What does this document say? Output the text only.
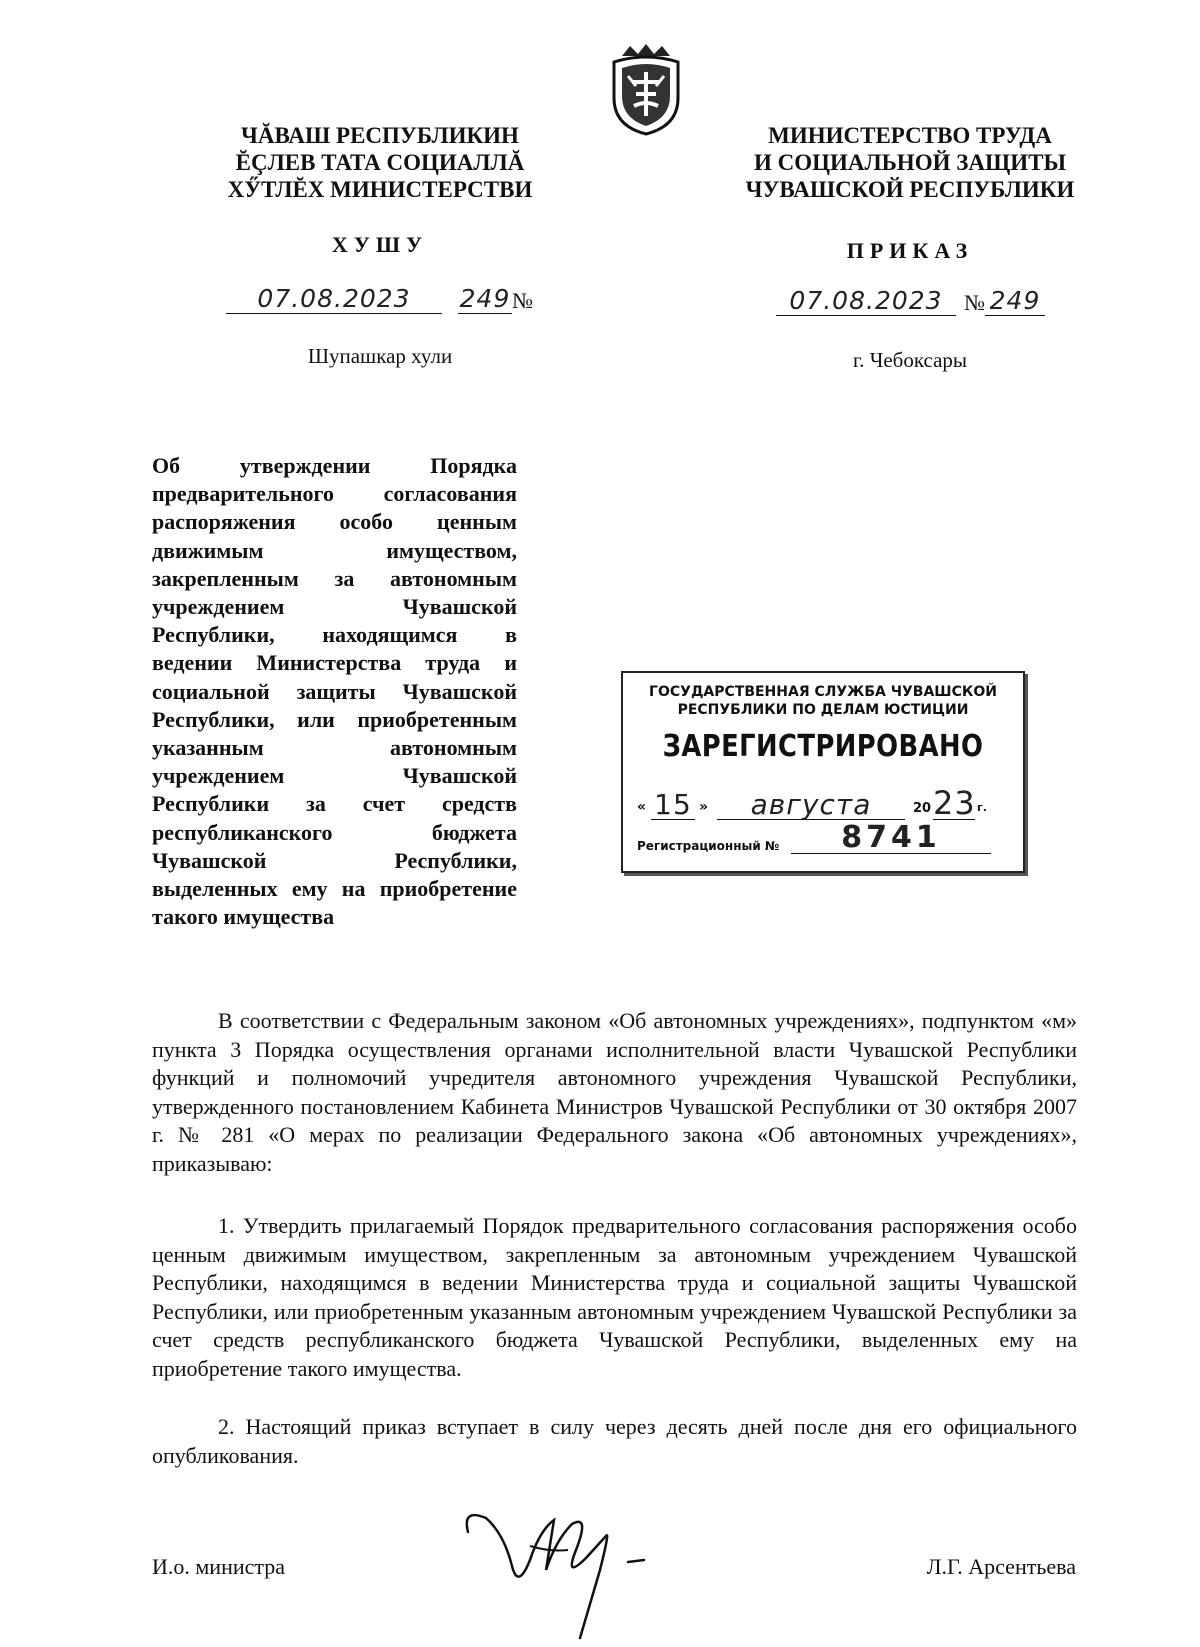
ЧĂВАШ РЕСПУБЛИКИН
ĔÇЛЕВ ТАТА СОЦИАЛЛĂ
ХӲТЛĔХ МИНИСТЕРСТВИ
ХУШУ
07.08.2023	249 №
Шупашкар хули
МИНИСТЕРСТВО ТРУДА
И СОЦИАЛЬНОЙ ЗАЩИТЫ
ЧУВАШСКОЙ РЕСПУБЛИКИ
ПРИКАЗ
07.08.2023 № 249
г. Чебоксары
Об утверждении Порядка предварительного согласования распоряжения особо ценным движимым имуществом, закрепленным за автономным учреждением Чувашской Республики, находящимся в ведении Министерства труда и социальной защиты Чувашской Республики, или приобретенным указанным автономным учреждением Чувашской Республики за счет средств республиканского бюджета Чувашской Республики, выделенных ему на приобретение такого имущества
ГОСУДАРСТВЕННАЯ СЛУЖБА ЧУВАШСКОЙ
РЕСПУБЛИКИ ПО ДЕЛАМ ЮСТИЦИИ
ЗАРЕГИСТРИРОВАНО
« 15 »	августа	20 23 г.
Регистрационный №	8741
В соответствии с Федеральным законом «Об автономных учреждениях», подпунктом «м» пункта 3 Порядка осуществления органами исполнительной власти Чувашской Республики функций и полномочий учредителя автономного учреждения Чувашской Республики, утвержденного постановлением Кабинета Министров Чувашской Республики от 30 октября 2007 г. № 281 «О мерах по реализации Федерального закона «Об автономных учреждениях», приказываю:
1. Утвердить прилагаемый Порядок предварительного согласования распоряжения особо ценным движимым имуществом, закрепленным за автономным учреждением Чувашской Республики, находящимся в ведении Министерства труда и социальной защиты Чувашской Республики, или приобретенным указанным автономным учреждением Чувашской Республики за счет средств республиканского бюджета Чувашской Республики, выделенных ему на приобретение такого имущества.
2. Настоящий приказ вступает в силу через десять дней после дня его официального опубликования.
И.о. министра	Л.Г. Арсентьева
